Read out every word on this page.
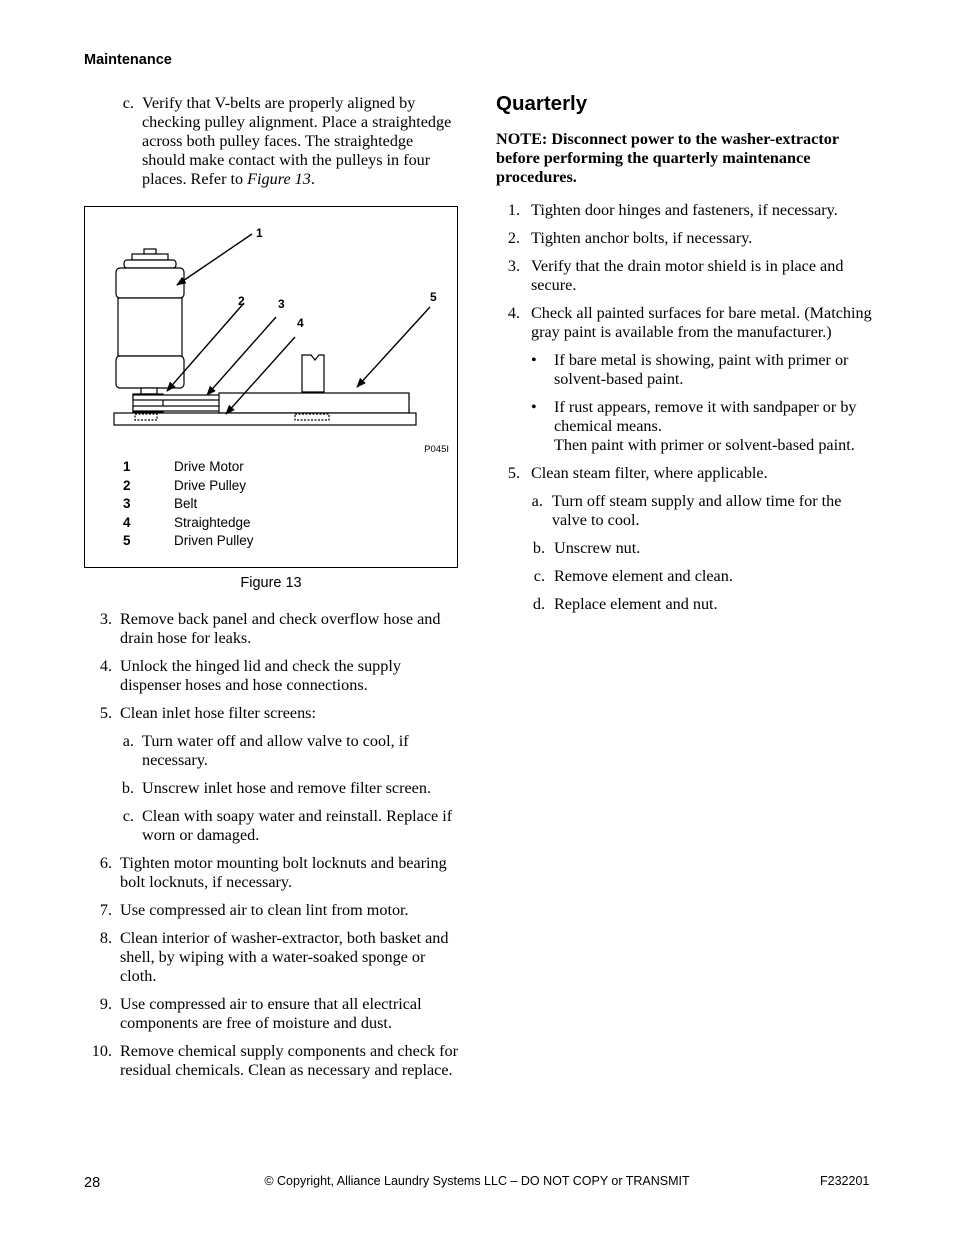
Maintenance
c. Verify that V-belts are properly aligned by checking pulley alignment. Place a straightedge across both pulley faces. The straightedge should make contact with the pulleys in four places. Refer to Figure 13.
1
2	3
4
5
P045I
1	Drive Motor
2	Drive Pulley
3	Belt
4	Straightedge
5	Driven Pulley
Figure 13
3. Remove back panel and check overflow hose and drain hose for leaks.
4. Unlock the hinged lid and check the supply dispenser hoses and hose connections.
5. Clean inlet hose filter screens:
a. Turn water off and allow valve to cool, if necessary.
b. Unscrew inlet hose and remove filter screen.
c. Clean with soapy water and reinstall. Replace if worn or damaged.
6. Tighten motor mounting bolt locknuts and bearing bolt locknuts, if necessary.
7. Use compressed air to clean lint from motor.
8. Clean interior of washer-extractor, both basket and shell, by wiping with a water-soaked sponge or cloth.
9. Use compressed air to ensure that all electrical components are free of moisture and dust.
10. Remove chemical supply components and check for residual chemicals. Clean as necessary and replace.
Quarterly
NOTE: Disconnect power to the washer-extractor before performing the quarterly maintenance procedures.
1. Tighten door hinges and fasteners, if necessary.
2. Tighten anchor bolts, if necessary.
3. Verify that the drain motor shield is in place and secure.
4. Check all painted surfaces for bare metal. (Matching gray paint is available from the manufacturer.)
•	If bare metal is showing, paint with primer or solvent-based paint.
•	If rust appears, remove it with sandpaper or by chemical means.
Then paint with primer or solvent-based paint.
5. Clean steam filter, where applicable.
a. Turn off steam supply and allow time for the valve to cool.
b. Unscrew nut.
c. Remove element and clean.
d. Replace element and nut.
28	© Copyright, Alliance Laundry Systems LLC – DO NOT COPY or TRANSMIT	F232201
